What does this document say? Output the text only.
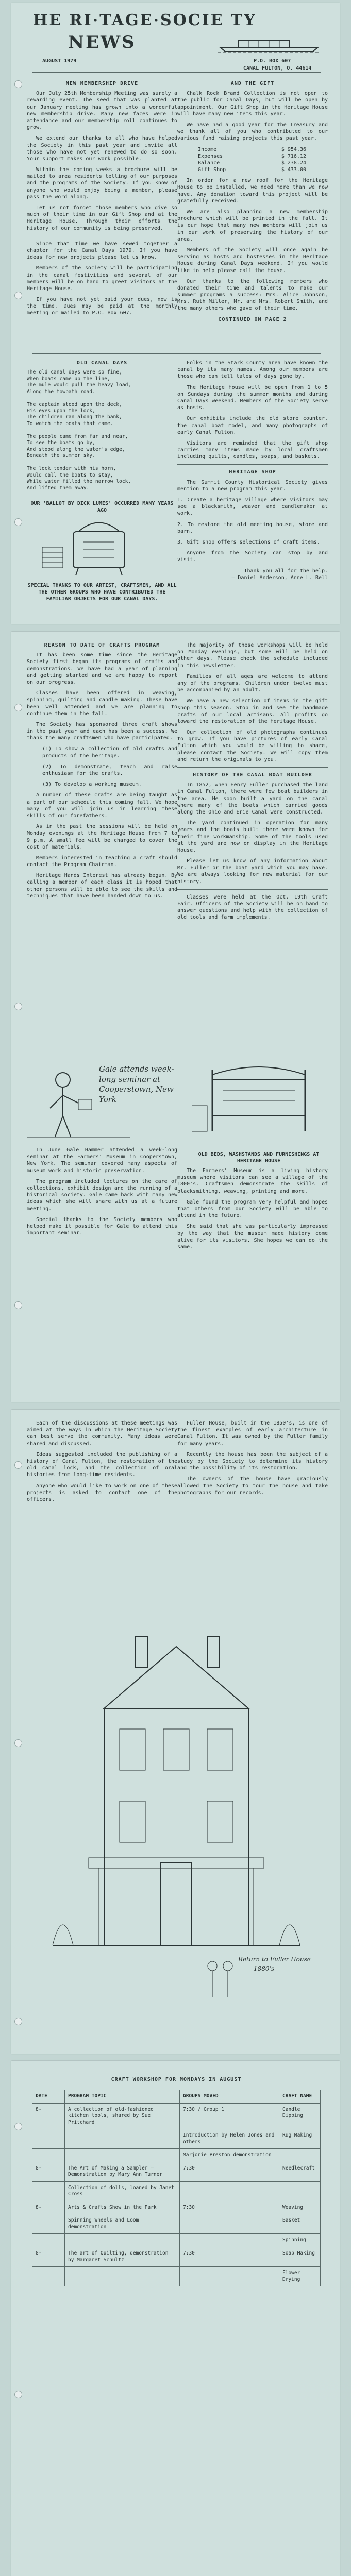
HE RI·TAGE·SOCIE TY
NEWS
AUGUST 1979	P.O. BOX 607
CANAL FULTON, O. 44614
NEW MEMBERSHIP DRIVE

Our July 25th Membership Meeting was surely a rewarding event. The seed that was planted at our January meeting has grown into a wonderful new membership drive. Many new faces were in attendance and our membership roll continues to grow.

We extend our thanks to all who have helped the Society in this past year and invite all those who have not yet renewed to do so soon. Your support makes our work possible.

Within the coming weeks a brochure will be mailed to area residents telling of our purposes and the programs of the Society. If you know of anyone who would enjoy being a member, please pass the word along.

Let us not forget those members who give so much of their time in our Gift Shop and at the Heritage House. Through their efforts the history of our community is being preserved.

Since that time we have sewed together a chapter for the Canal Days 1979. If you have ideas for new projects please let us know.

Members of the society will be participating in the canal festivities and several of our members will be on hand to greet visitors at the Heritage House.

If you have not yet paid your dues, now is the time. Dues may be paid at the monthly meeting or mailed to P.O. Box 607.

AND THE GIFT

Chalk Rock Brand Collection is not open to the public for Canal Days, but will be open by appointment. Our Gift Shop in the Heritage House will have many new items this year.

We have had a good year for the Treasury and we thank all of you who contributed to our various fund raising projects this past year.

Income	$ 954.36
Expenses	$ 716.12
Balance	$ 238.24
Gift Shop	$ 433.00

In order for a new roof for the Heritage House to be installed, we need more than we now have. Any donation toward this project will be gratefully received.

We are also planning a new membership brochure which will be printed in the fall. It is our hope that many new members will join us in our work of preserving the history of our area.

Members of the Society will once again be serving as hosts and hostesses in the Heritage House during Canal Days weekend. If you would like to help please call the House.

Our thanks to the following members who donated their time and talents to make our summer programs a success: Mrs. Alice Johnson, Mrs. Ruth Miller, Mr. and Mrs. Robert Smith, and the many others who gave of their time.

CONTINUED ON PAGE 2
OLD CANAL DAYS
The old canal days were so fine,
When boats came up the line,
The mule would pull the heavy load,
Along the towpath road.

The captain stood upon the deck,
His eyes upon the lock,
The children ran along the bank,
To watch the boats that came.

The people came from far and near,
To see the boats go by,
And stood along the water's edge,
Beneath the summer sky.

The lock tender with his horn,
Would call the boats to stay,
While water filled the narrow lock,
And lifted them away.

OUR 'BALLOT BY DICK LUMES' OCCURRED MANY YEARS AGO
SPECIAL THANKS TO OUR ARTIST, CRAFTSMEN, AND ALL THE OTHER GROUPS WHO HAVE CONTRIBUTED THE FAMILIAR OBJECTS FOR OUR CANAL DAYS.

Folks in the Stark County area have known the canal by its many names. Among our members are those who can tell tales of days gone by.

The Heritage House will be open from 1 to 5 on Sundays during the summer months and during Canal Days weekend. Members of the Society serve as hosts.

Our exhibits include the old store counter, the canal boat model, and many photographs of early Canal Fulton.

Visitors are reminded that the gift shop carries many items made by local craftsmen including quilts, candles, soaps, and baskets.

HERITAGE SHOP

The Summit County Historical Society gives mention to a new program this year.

1. Create a heritage village where visitors may see a blacksmith, weaver and candlemaker at work.

2. To restore the old meeting house, store and barn.

3. Gift shop offers selections of craft items.

Anyone from the Society can stop by and visit.

Thank you all for the help.
— Daniel Anderson, Anne L. Bell
REASON TO DATE OF CRAFTS PROGRAM

It has been some time since the Heritage Society first began its programs of crafts and demonstrations. We have had a year of planning and getting started and we are happy to report on our progress.

Classes have been offered in weaving, spinning, quilting and candle making. These have been well attended and we are planning to continue them in the fall.

The Society has sponsored three craft shows in the past year and each has been a success. We thank the many craftsmen who have participated.

(1) To show a collection of old crafts and products of the heritage.

(2) To demonstrate, teach and raise enthusiasm for the crafts.

(3) To develop a working museum.

A number of these crafts are being taught as a part of our schedule this coming fall. We hope many of you will join us in learning these skills of our forefathers.

As in the past the sessions will be held on Monday evenings at the Heritage House from 7 to 9 p.m. A small fee will be charged to cover the cost of materials.

Members interested in teaching a craft should contact the Program Chairman.

Heritage Hands Interest has already begun. By calling a member of each class it is hoped that other persons will be able to see the skills and techniques that have been handed down to us.

The majority of these workshops will be held on Monday evenings, but some will be held on other days. Please check the schedule included in this newsletter.

Families of all ages are welcome to attend any of the programs. Children under twelve must be accompanied by an adult.

We have a new selection of items in the gift shop this season. Stop in and see the handmade crafts of our local artisans. All profits go toward the restoration of the Heritage House.

Our collection of old photographs continues to grow. If you have pictures of early Canal Fulton which you would be willing to share, please contact the Society. We will copy them and return the originals to you.

HISTORY OF THE CANAL BOAT BUILDER

In 1852, when Henry Fuller purchased the land in Canal Fulton, there were few boat builders in the area. He soon built a yard on the canal where many of the boats which carried goods along the Ohio and Erie Canal were constructed.

The yard continued in operation for many years and the boats built there were known for their fine workmanship. Some of the tools used at the yard are now on display in the Heritage House.

Please let us know of any information about Mr. Fuller or the boat yard which you may have. We are always looking for new material for our history.

Classes were held at the Oct. 19th Craft Fair. Officers of the Society will be on hand to answer questions and help with the collection of old tools and farm implements.

Gale attends week-long seminar at Cooperstown, New York

In June Gale Hammer attended a week-long seminar at the Farmers' Museum in Cooperstown, New York. The seminar covered many aspects of museum work and historic preservation.

The program included lectures on the care of collections, exhibit design and the running of a historical society. Gale came back with many new ideas which she will share with us at a future meeting.

Special thanks to the Society members who helped make it possible for Gale to attend this important seminar.

OLD BEDS, WASHSTANDS AND FURNISHINGS AT HERITAGE HOUSE

The Farmers' Museum is a living history museum where visitors can see a village of the 1800's. Craftsmen demonstrate the skills of blacksmithing, weaving, printing and more.

Gale found the program very helpful and hopes that others from our Society will be able to attend in the future.

She said that she was particularly impressed by the way that the museum made history come alive for its visitors. She hopes we can do the same.

Each of the discussions at these meetings was aimed at the ways in which the Heritage Society can best serve the community. Many ideas were shared and discussed.

Ideas suggested included the publishing of a history of Canal Fulton, the restoration of the old canal lock, and the collection of oral histories from long-time residents.

Anyone who would like to work on one of these projects is asked to contact one of the officers.

Fuller House, built in the 1850's, is one of the finest examples of early architecture in Canal Fulton. It was owned by the Fuller family for many years.

Recently the house has been the subject of a study by the Society to determine its history and the possibility of its restoration.

The owners of the house have graciously allowed the Society to tour the house and take photographs for our records.

Return to Fuller House
1880's
CRAFT WORKSHOP FOR MONDAYS IN AUGUST
DATE	PROGRAM TOPIC	GROUPS MOVED	CRAFT NAME
8-	A collection of old-fashioned kitchen tools, shared by Sue Pritchard	7:30 / Group 1	Candle Dipping
		Introduction by Helen Jones and others	Rug Making
		Marjorie Preston demonstration	
8-	The Art of Making a Sampler — Demonstration by Mary Ann Turner	7:30	Needlecraft
	Collection of dolls, loaned by Janet Cross		
8-	Arts & Crafts Show in the Park	7:30	Weaving
	Spinning Wheels and Loom demonstration		Basket
			Spinning
8-	The art of Quilting, demonstration by Margaret Schultz	7:30	Soap Making
			Flower Drying
